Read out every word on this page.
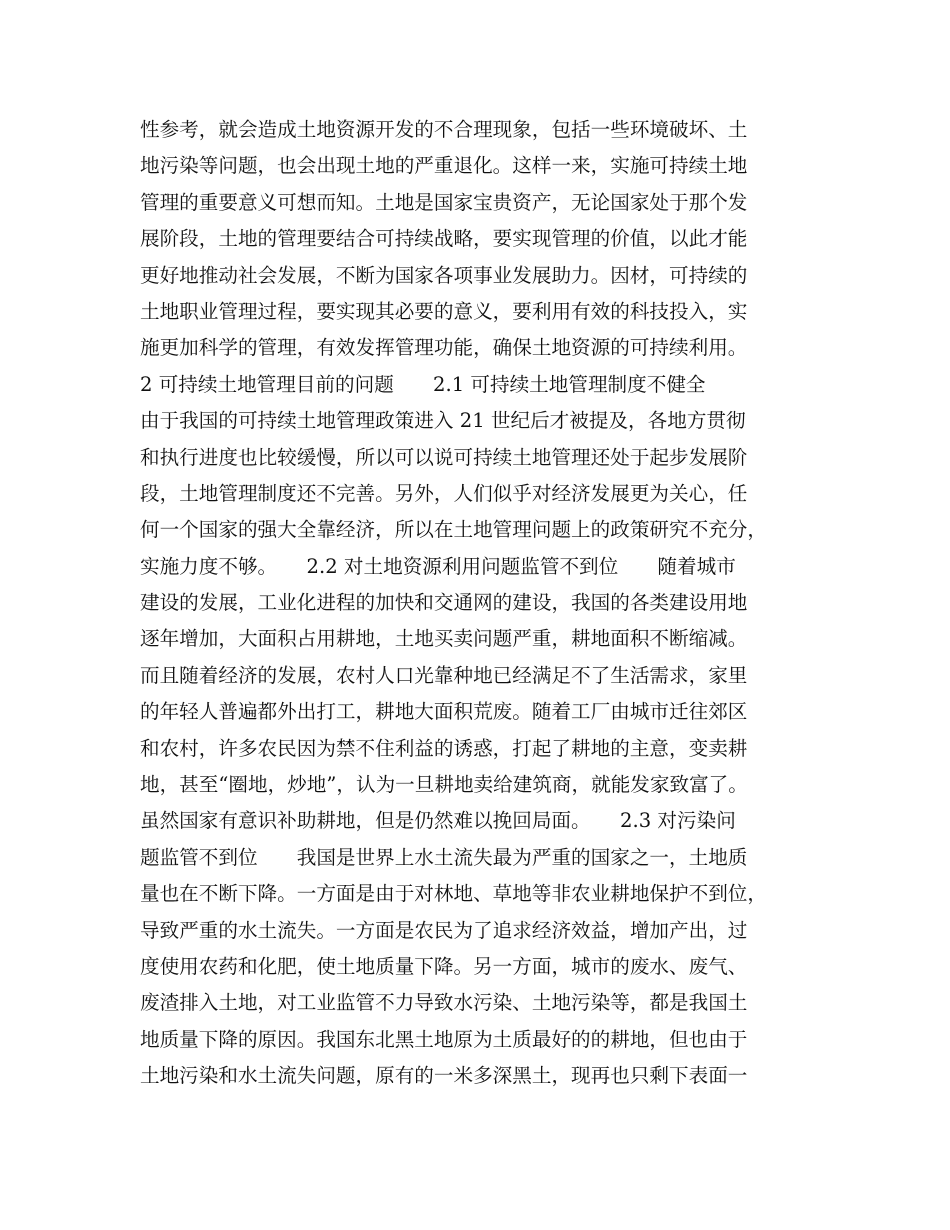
性参考，就会造成土地资源开发的不合理现象，包括一些环境破坏、土
地污染等问题，也会出现土地的严重退化。这样一来，实施可持续土地
管理的重要意义可想而知。土地是国家宝贵资产，无论国家处于那个发
展阶段，土地的管理要结合可持续战略，要实现管理的价值，以此才能
更好地推动社会发展，不断为国家各项事业发展助力。因材，可持续的
土地职业管理过程，要实现其必要的意义，要利用有效的科技投入，实
施更加科学的管理，有效发挥管理功能，确保土地资源的可持续利用。
2 可持续土地管理目前的问题　　2.1 可持续土地管理制度不健全
由于我国的可持续土地管理政策进入 21 世纪后才被提及，各地方贯彻
和执行进度也比较缓慢，所以可以说可持续土地管理还处于起步发展阶
段，土地管理制度还不完善。另外，人们似乎对经济发展更为关心，任
何一个国家的强大全靠经济，所以在土地管理问题上的政策研究不充分，
实施力度不够。　　2.2 对土地资源利用问题监管不到位　　随着城市
建设的发展，工业化进程的加快和交通网的建设，我国的各类建设用地
逐年增加，大面积占用耕地，土地买卖问题严重，耕地面积不断缩减。
而且随着经济的发展，农村人口光靠种地已经满足不了生活需求，家里
的年轻人普遍都外出打工，耕地大面积荒废。随着工厂由城市迁往郊区
和农村，许多农民因为禁不住利益的诱惑，打起了耕地的主意，变卖耕
地，甚至“圈地，炒地”，认为一旦耕地卖给建筑商，就能发家致富了。
虽然国家有意识补助耕地，但是仍然难以挽回局面。　　2.3 对污染问
题监管不到位　　我国是世界上水土流失最为严重的国家之一，土地质
量也在不断下降。一方面是由于对林地、草地等非农业耕地保护不到位，
导致严重的水土流失。一方面是农民为了追求经济效益，增加产出，过
度使用农药和化肥，使土地质量下降。另一方面，城市的废水、废气、
废渣排入土地，对工业监管不力导致水污染、土地污染等，都是我国土
地质量下降的原因。我国东北黑土地原为土质最好的的耕地，但也由于
土地污染和水土流失问题，原有的一米多深黑土，现再也只剩下表面一
